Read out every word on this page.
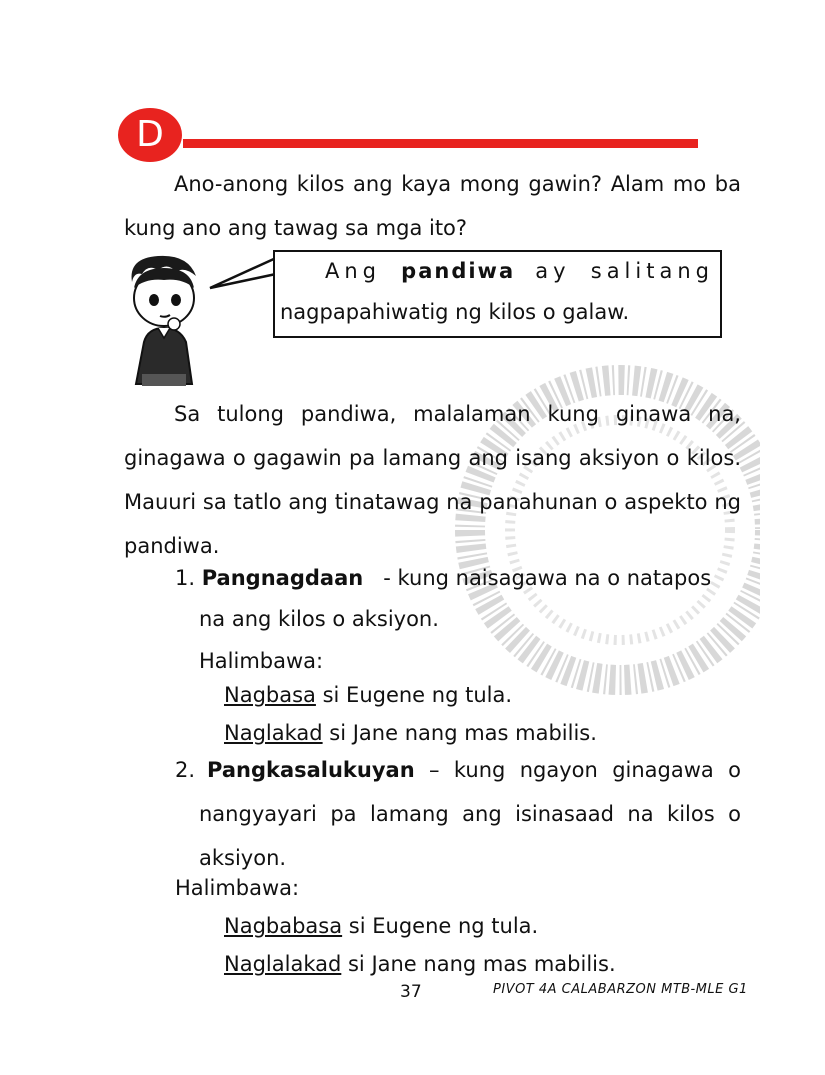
D
Ano-anong kilos ang kaya mong gawin? Alam mo ba kung ano ang tawag sa mga ito?
Ang pandiwa ay salitang
nagpapahiwatig ng kilos o galaw.
Sa tulong pandiwa, malalaman kung ginawa na, ginagawa o gagawin pa lamang ang isang aksiyon o kilos. Mauuri sa tatlo ang tinatawag na panahunan o aspekto ng pandiwa.
1. Pangnagdaan   - kung naisagawa na o natapos
na ang kilos o aksiyon.
Halimbawa:
Nagbasa si Eugene ng tula.
Naglakad si Jane nang mas mabilis.
2. Pangkasalukuyan – kung ngayon ginagawa o nangyayari pa lamang ang isinasaad na kilos o aksiyon.
Halimbawa:
Nagbabasa si Eugene ng tula.
Naglalakad si Jane nang mas mabilis.
37	PIVOT 4A CALABARZON MTB-MLE G1
